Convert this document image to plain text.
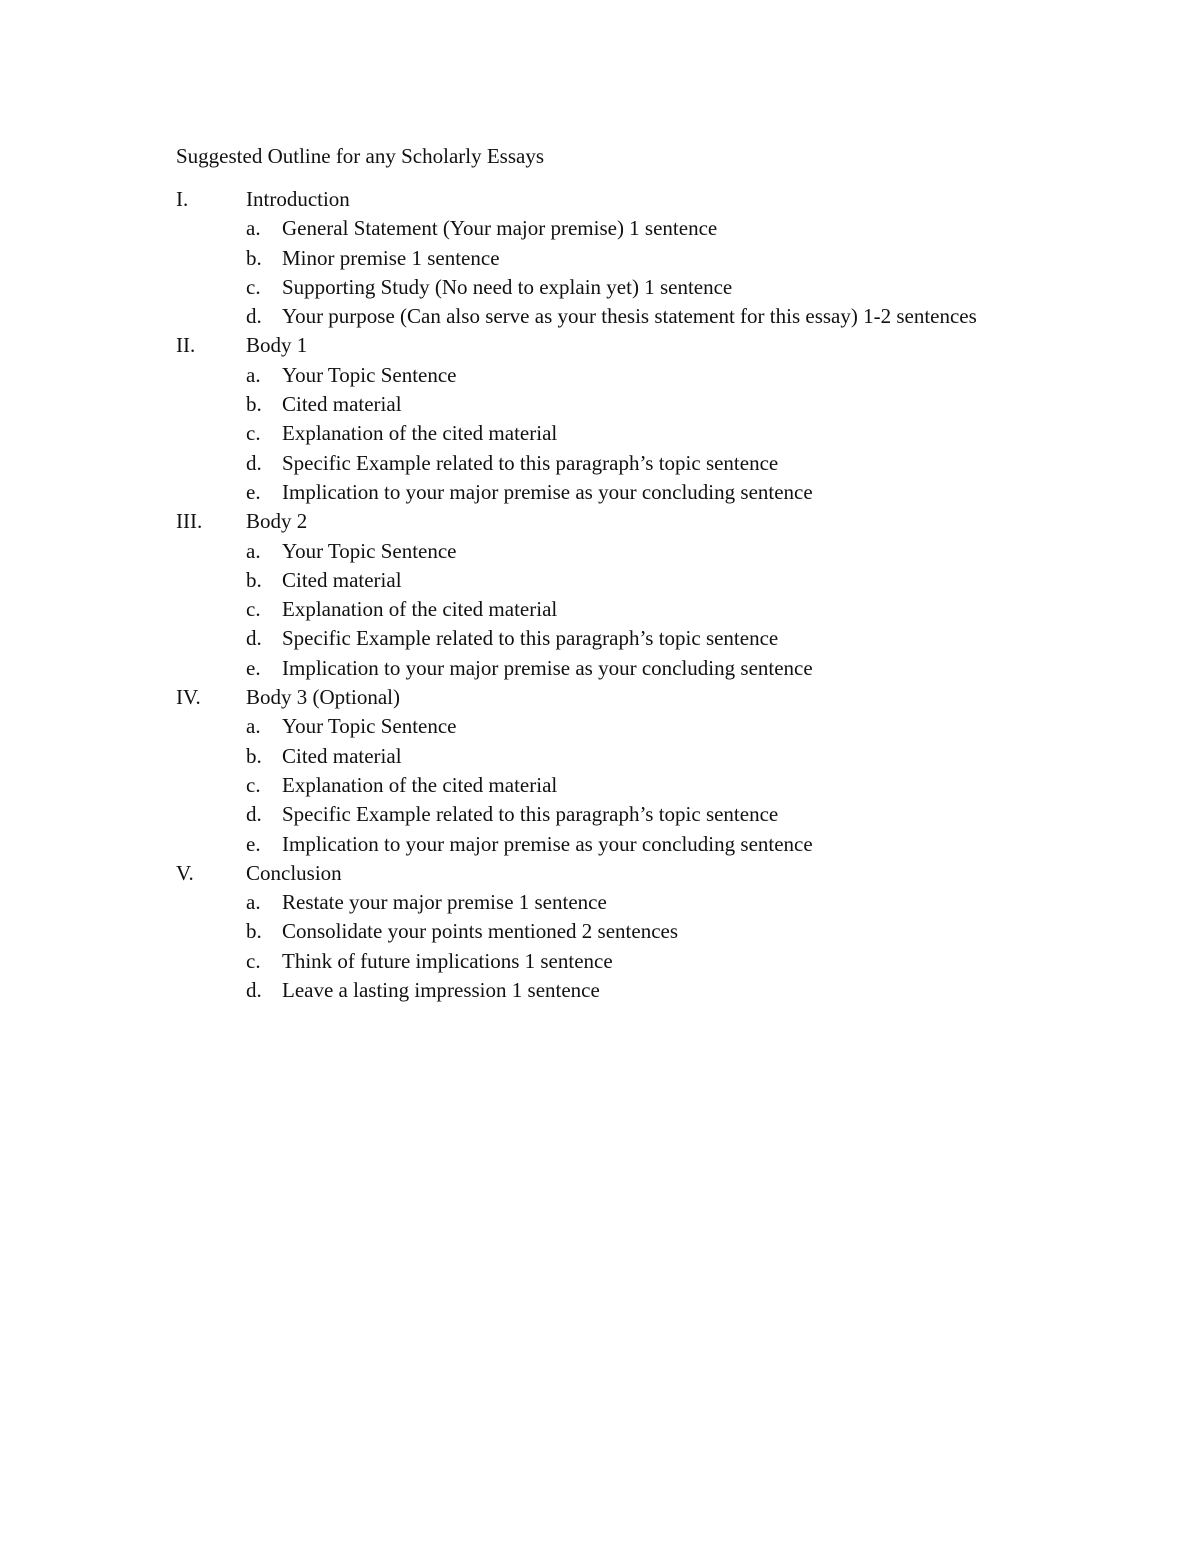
Suggested Outline for any Scholarly Essays
I.	Introduction
a.	General Statement (Your major premise) 1 sentence
b. Minor premise 1 sentence
c.	Supporting Study (No need to explain yet) 1 sentence
d. Your purpose (Can also serve as your thesis statement for this essay) 1-2 sentences
II.	Body 1
a.	Your Topic Sentence
b. Cited material
c.	Explanation of the cited material
d. Specific Example related to this paragraph’s topic sentence
e.	Implication to your major premise as your concluding sentence
III.	Body 2
a.	Your Topic Sentence
b. Cited material
c.	Explanation of the cited material
d. Specific Example related to this paragraph’s topic sentence
e.	Implication to your major premise as your concluding sentence
IV.	Body 3 (Optional)
a.	Your Topic Sentence
b. Cited material
c.	Explanation of the cited material
d. Specific Example related to this paragraph’s topic sentence
e.	Implication to your major premise as your concluding sentence
V.	Conclusion
a.	Restate your major premise 1 sentence
b. Consolidate your points mentioned 2 sentences
c.	Think of future implications 1 sentence
d. Leave a lasting impression 1 sentence
